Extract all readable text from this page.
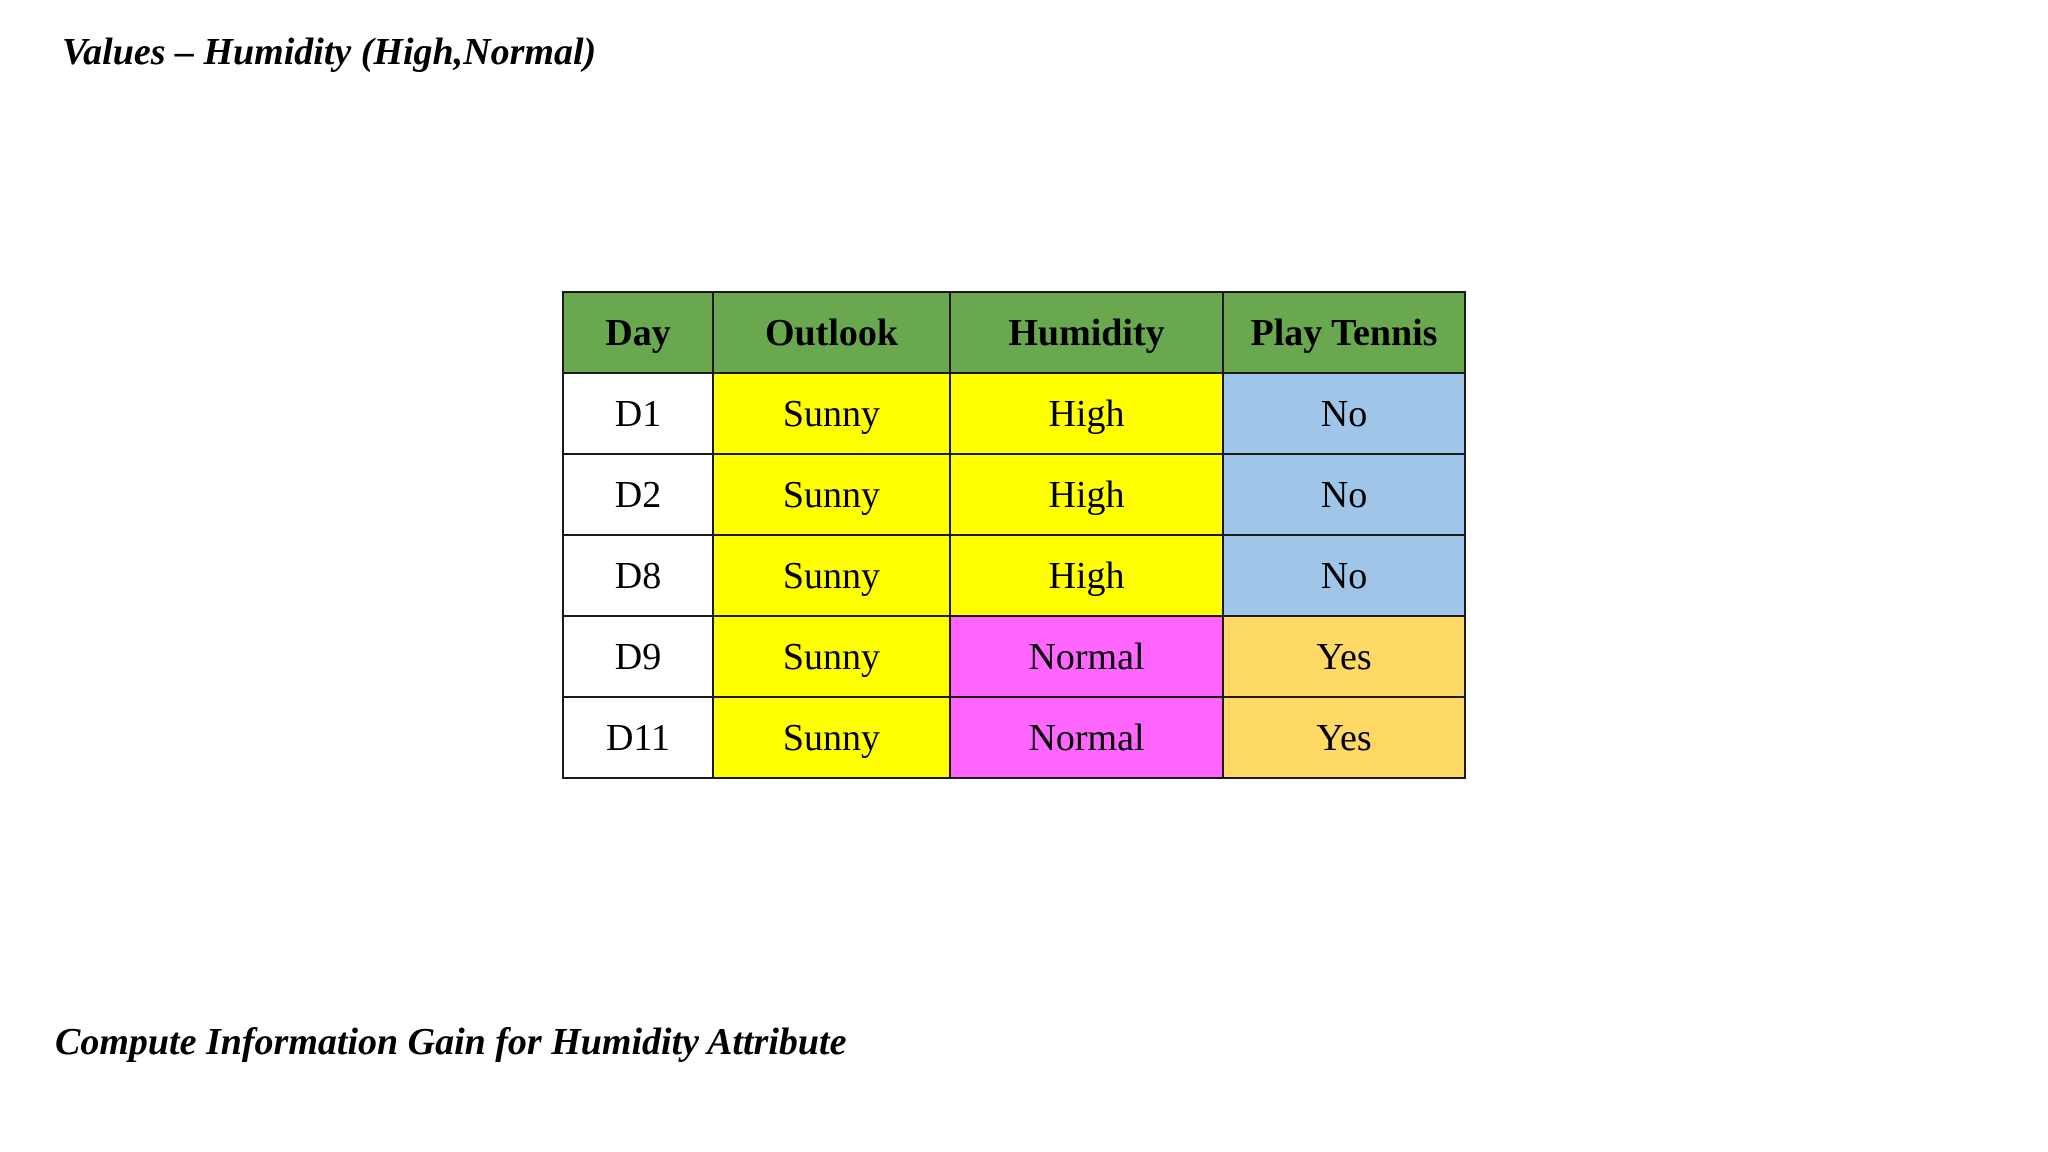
Values – Humidity (High,Normal)
Day	Outlook	Humidity	Play Tennis
D1	Sunny	High	No
D2	Sunny	High	No
D8	Sunny	High	No
D9	Sunny	Normal	Yes
D11	Sunny	Normal	Yes
Compute Information Gain for Humidity Attribute
